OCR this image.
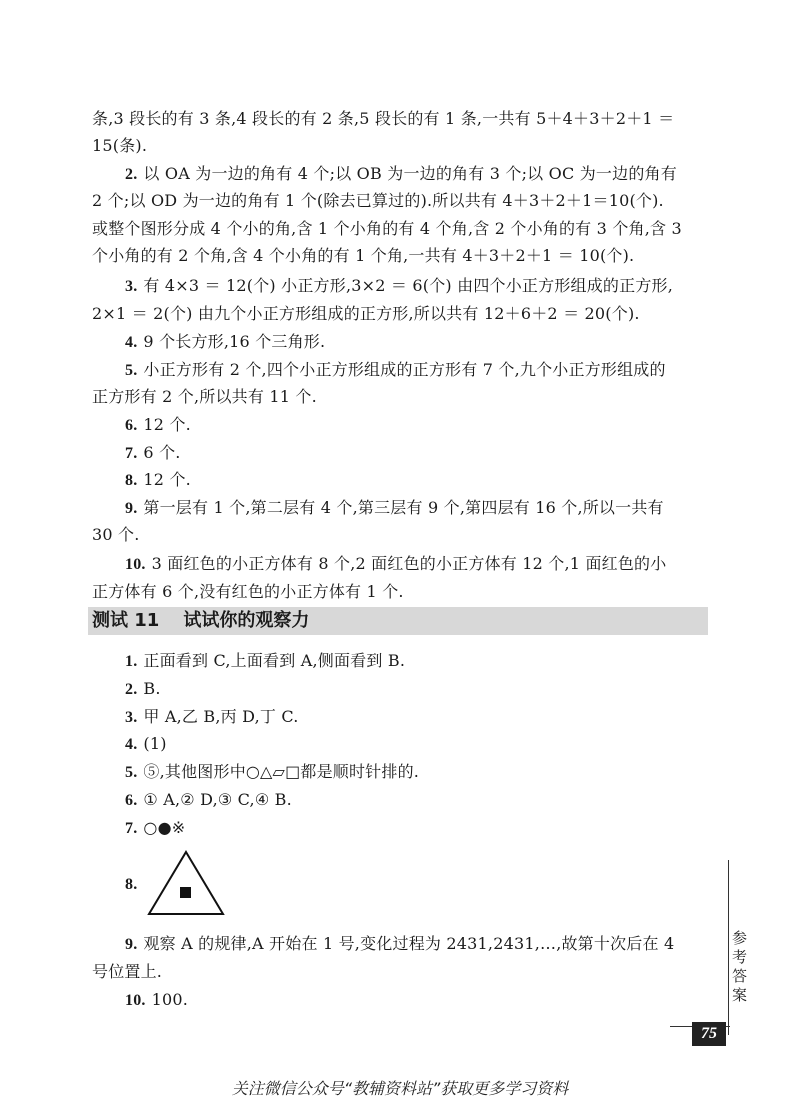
条,3 段长的有 3 条,4 段长的有 2 条,5 段长的有 1 条,一共有 5＋4＋3＋2＋1 ＝
15(条).
2. 以 OA 为一边的角有 4 个;以 OB 为一边的角有 3 个;以 OC 为一边的角有
2 个;以 OD 为一边的角有 1 个(除去已算过的).所以共有 4＋3＋2＋1＝10(个).
或整个图形分成 4 个小的角,含 1 个小角的有 4 个角,含 2 个小角的有 3 个角,含 3
个小角的有 2 个角,含 4 个小角的有 1 个角,一共有 4＋3＋2＋1 ＝ 10(个).
3. 有 4×3 ＝ 12(个) 小正方形,3×2 ＝ 6(个) 由四个小正方形组成的正方形,
2×1 ＝ 2(个) 由九个小正方形组成的正方形,所以共有 12＋6＋2 ＝ 20(个).
4. 9 个长方形,16 个三角形.
5. 小正方形有 2 个,四个小正方形组成的正方形有 7 个,九个小正方形组成的
正方形有 2 个,所以共有 11 个.
6. 12 个.
7. 6 个.
8. 12 个.
9. 第一层有 1 个,第二层有 4 个,第三层有 9 个,第四层有 16 个,所以一共有
30 个.
10. 3 面红色的小正方体有 8 个,2 面红色的小正方体有 12 个,1 面红色的小
正方体有 6 个,没有红色的小正方体有 1 个.
1. 正面看到 C,上面看到 A,侧面看到 B.
2. B.
3. 甲 A,乙 B,丙 D,丁 C.
4. (1)
5. ⑤,其他图形中○△▱□都是顺时针排的.
6. ① A,② D,③ C,④ B.
7. ○●※
8.
9. 观察 A 的规律,A 开始在 1 号,变化过程为 2431,2431,…,故第十次后在 4
号位置上.
10. 100.
测试 11 试试你的观察力
参考答案
75
关注微信公众号“教辅资料站”获取更多学习资料
